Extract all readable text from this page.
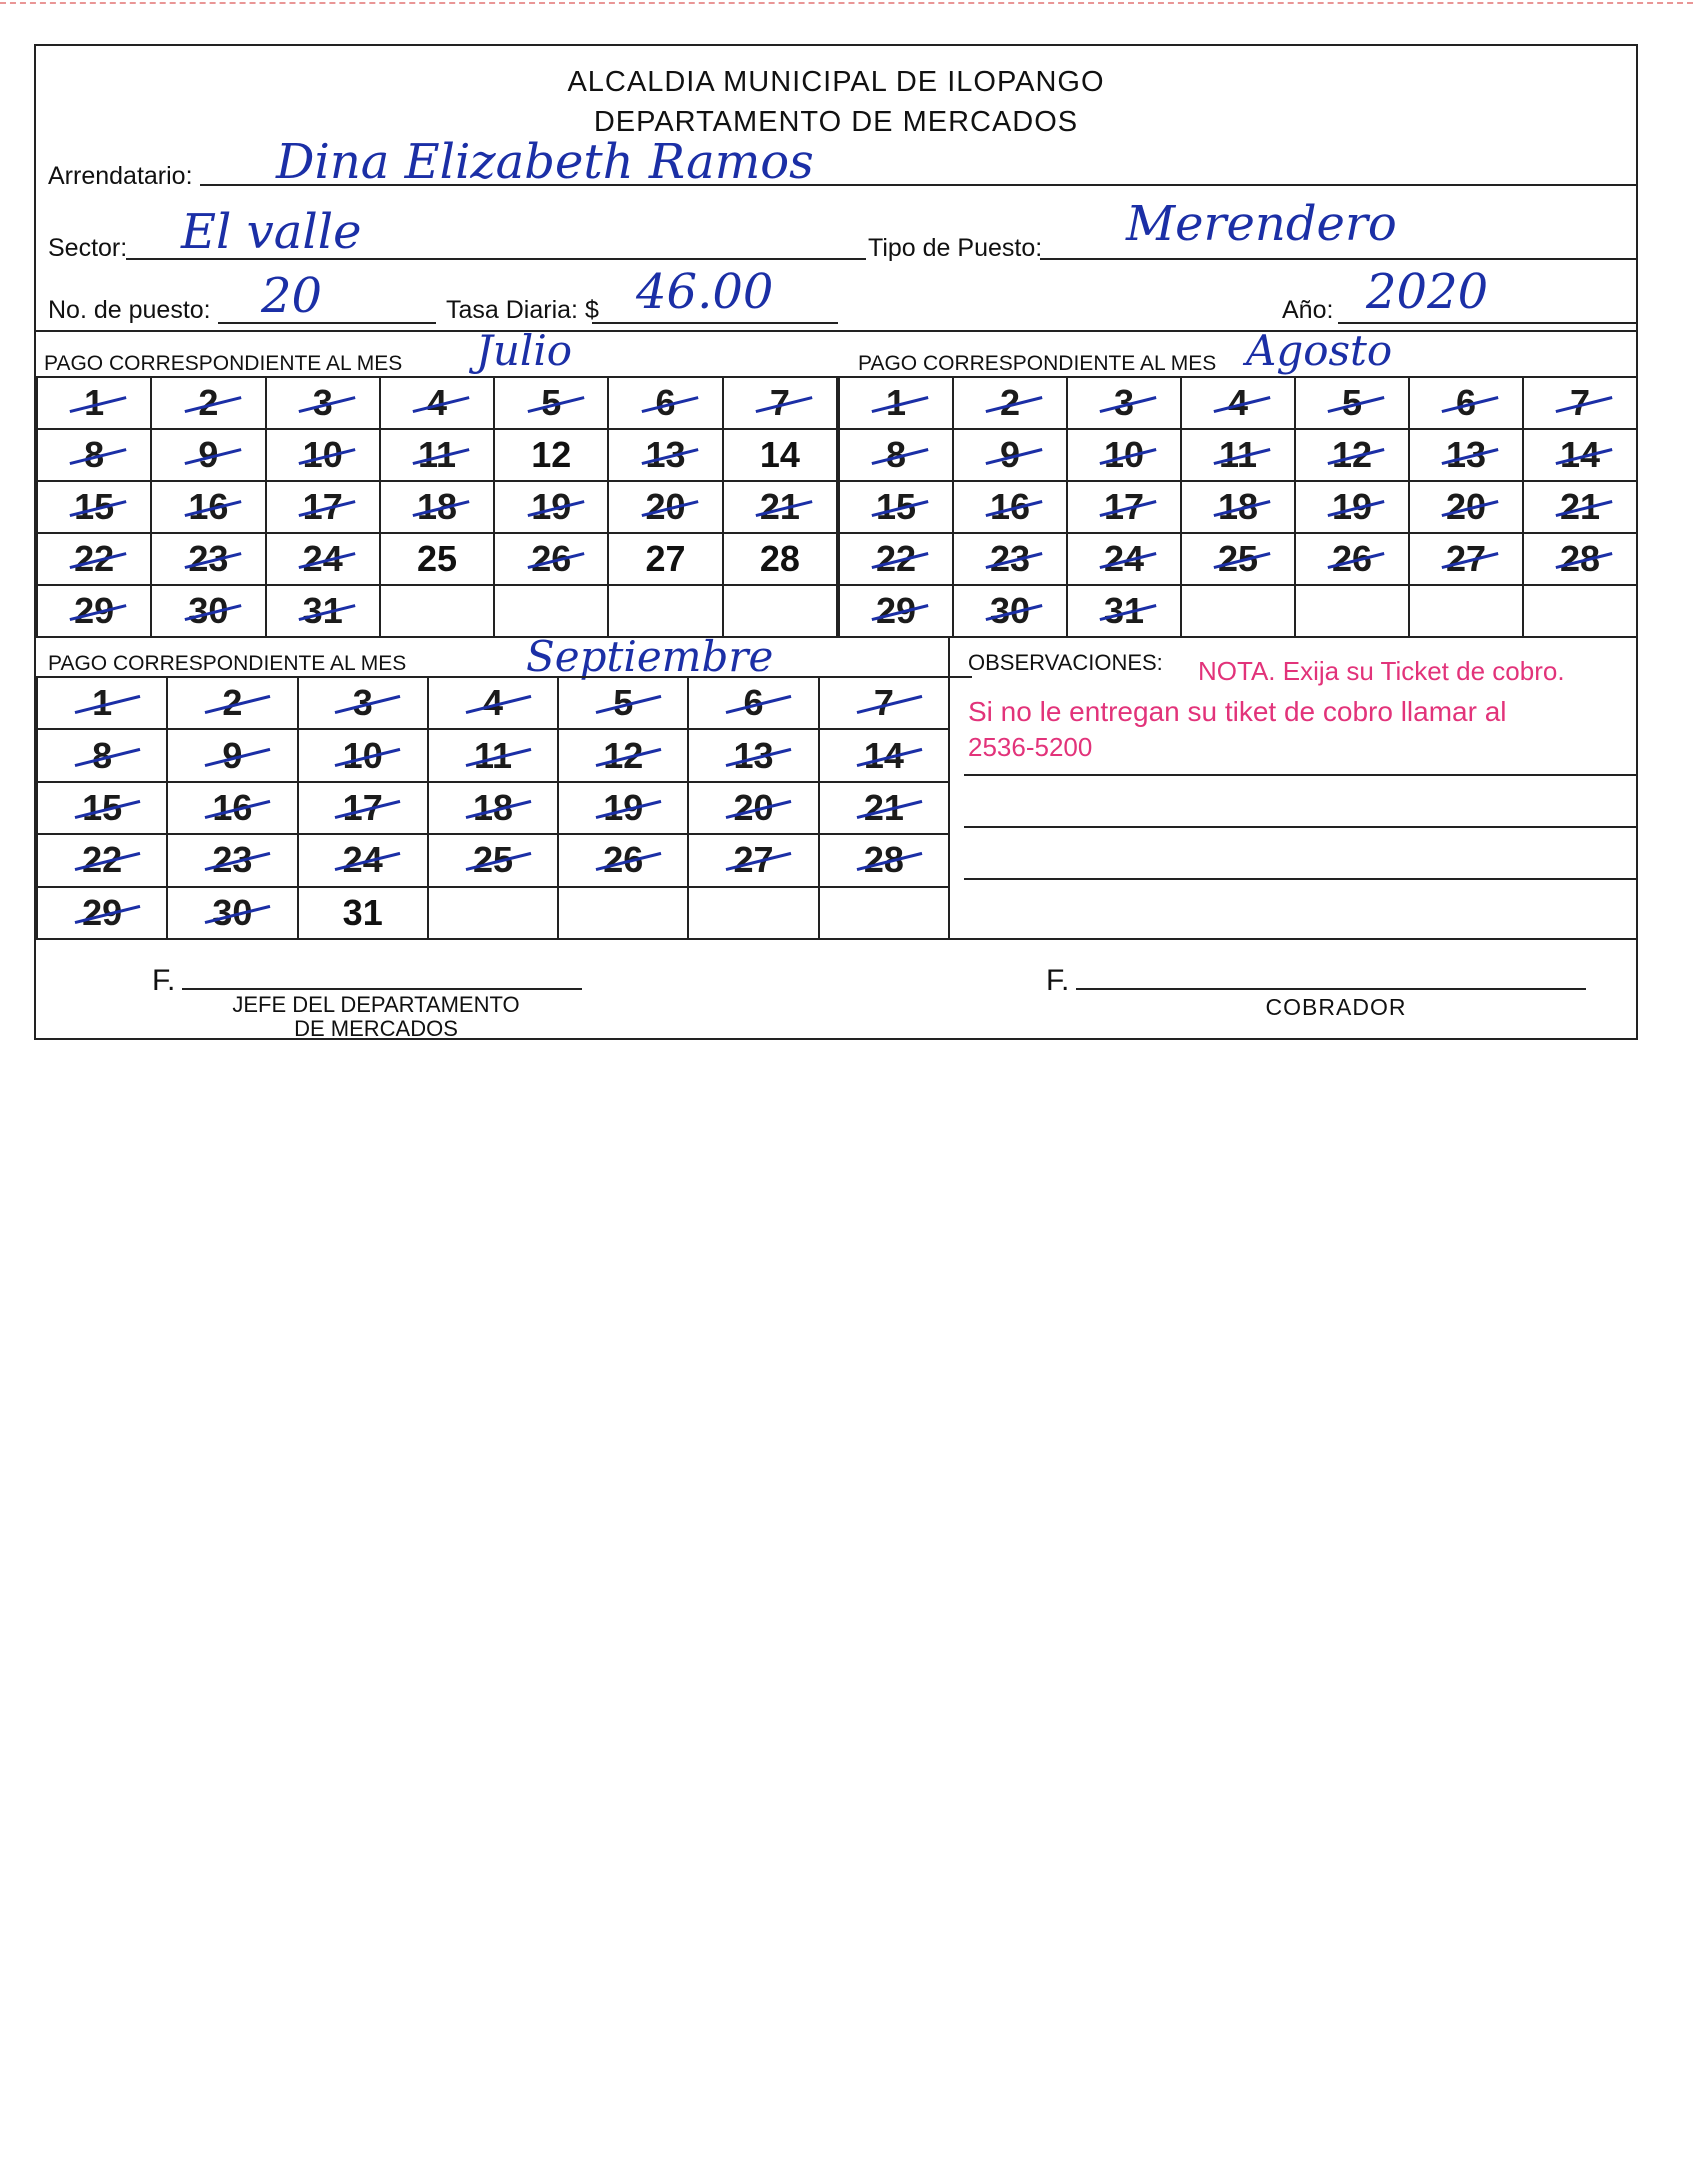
ALCALDIA MUNICIPAL DE ILOPANGO
DEPARTAMENTO DE MERCADOS
Arrendatario: Dina Elizabeth Ramos
Sector: El valle	Tipo de Puesto: Merendero
No. de puesto: 20	Tasa Diaria: $ 46.00	Año: 2020
PAGO CORRESPONDIENTE AL MES Julio	PAGO CORRESPONDIENTE AL MES Agosto
1	2	3	4	5	6	7
8	9 10 11 12 13 14
15 16 17 18 19 20 21
22 23 24 25 26 27 28
29 30 31
1	2	3	4	5	6	7
8	9 10 11 12 13 14
15 16 17 18 19 20 21
22 23 24 25 26 27 28
29 30 31
PAGO CORRESPONDIENTE AL MES	Septiembre
1	2	3	4	5	6	7
8	9	10	11	12	13	14
15	16	17	18	19	20	21
22	23	24	25	26	27	28
29	30	31
OBSERVACIONES: NOTA. Exija su Ticket de cobro.
Si no le entregan su tiket de cobro llamar al
2536-5200
F.
JEFE DEL DEPARTAMENTO
DE MERCADOS
F.
COBRADOR
